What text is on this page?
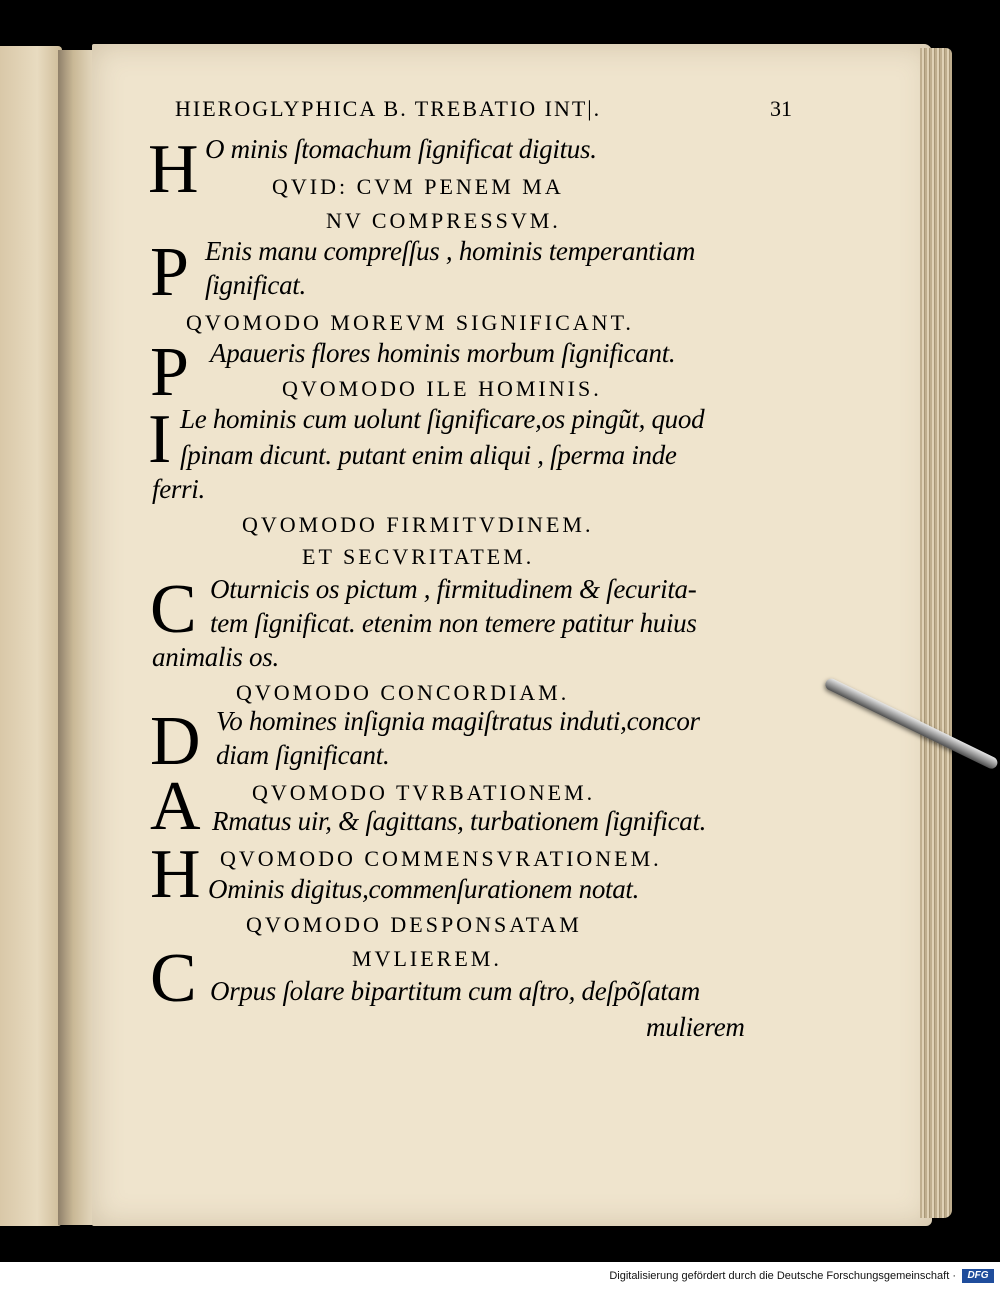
HIEROGLYPHICA B. TREBATIO INT|.	31
H O minis ſtomachum ſignificat digitus.
QVID: CVM PENEM MA
NV COMPRESSVM.
P Enis manu compreſſus , hominis temperantiam
ſignificat.
QVOMODO MOREVM SIGNIFICANT.
P Apaueris flores hominis morbum ſignificant.
QVOMODO ILE HOMINIS.
I Le hominis cum uolunt ſignificare,os pingũt, quod
ſpinam dicunt. putant enim aliqui , ſperma inde
ferri.
QVOMODO FIRMITVDINEM.
ET SECVRITATEM.
C Oturnicis os pictum , firmitudinem & ſecurita-
tem ſignificat. etenim non temere patitur huius
animalis os.
QVOMODO CONCORDIAM.
D Vo homines inſignia magiſtratus induti,concor
diam ſignificant.
QVOMODO TVRBATIONEM.
A Rmatus uir, & ſagittans, turbationem ſignificat.
QVOMODO COMMENSVRATIONEM.
H Ominis digitus,commenſurationem notat.
QVOMODO DESPONSATAM
MVLIEREM.
C Orpus ſolare bipartitum cum aſtro, deſpõſatam
mulierem
Digitalisierung gefördert durch die Deutsche Forschungsgemeinschaft ·	DFG
